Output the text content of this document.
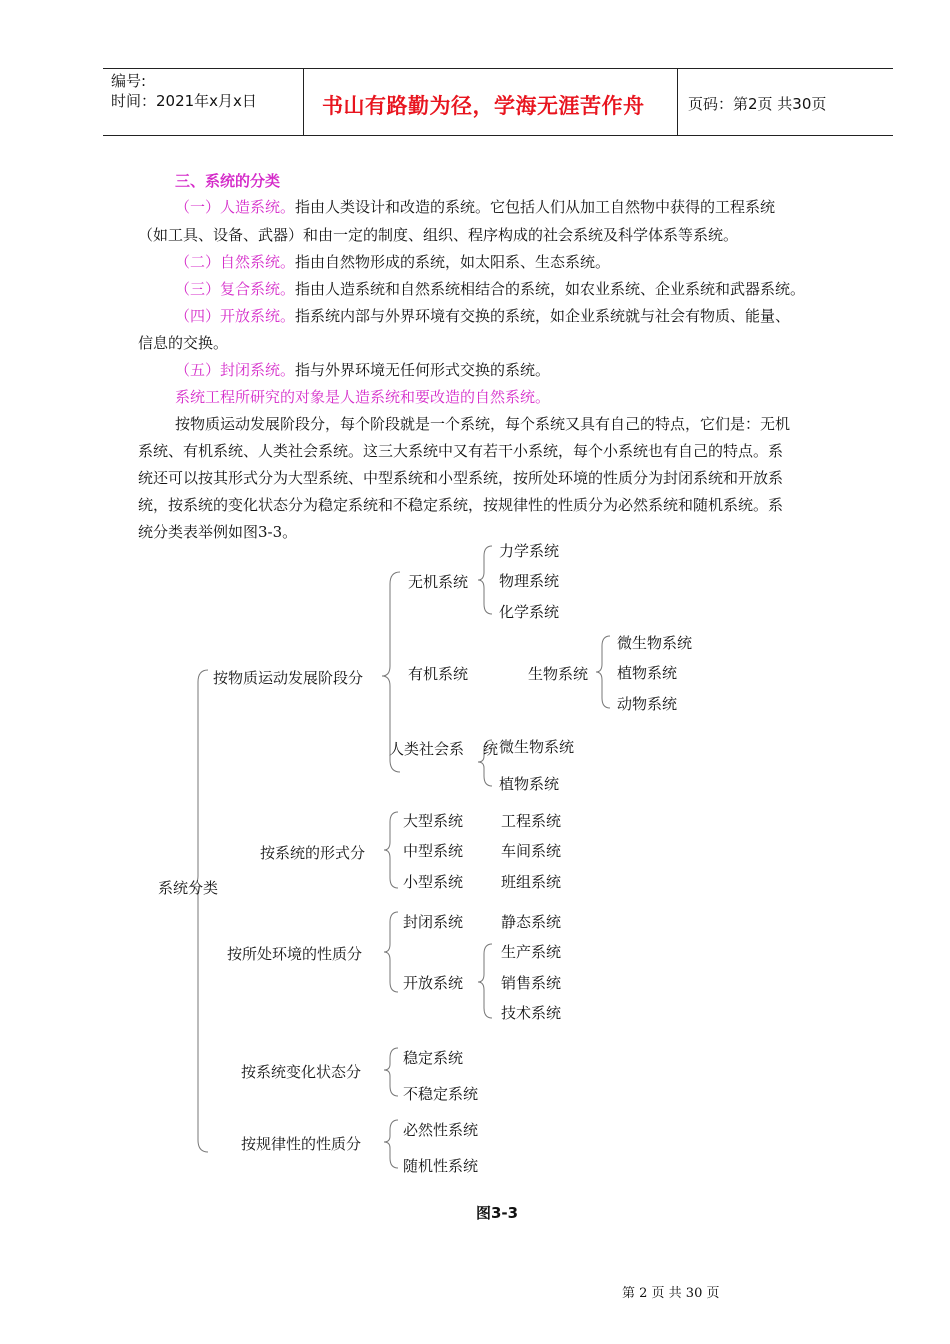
编号:
时间：2021年x月x日	书山有路勤为径，学海无涯苦作舟	页码：第2页 共30页
三、系统的分类
（一）人造系统。指由人类设计和改造的系统。它包括人们从加工自然物中获得的工程系统
（如工具、设备、武器）和由一定的制度、组织、程序构成的社会系统及科学体系等系统。
（二）自然系统。指由自然物形成的系统，如太阳系、生态系统。
（三）复合系统。指由人造系统和自然系统相结合的系统，如农业系统、企业系统和武器系统。
（四）开放系统。指系统内部与外界环境有交换的系统，如企业系统就与社会有物质、能量、
信息的交换。
（五）封闭系统。指与外界环境无任何形式交换的系统。
系统工程所研究的对象是人造系统和要改造的自然系统。
按物质运动发展阶段分，每个阶段就是一个系统，每个系统又具有自己的特点，它们是：无机
系统、有机系统、人类社会系统。这三大系统中又有若干小系统，每个小系统也有自己的特点。系
统还可以按其形式分为大型系统、中型系统和小型系统，按所处环境的性质分为封闭系统和开放系
统，按系统的变化状态分为稳定系统和不稳定系统，按规律性的性质分为必然系统和随机系统。系
统分类表举例如图3-3。
系统分类
按物质运动发展阶段分
无机系统
力学系统
物理系统
化学系统
有机系统	生物系统
微生物系统
植物系统
动物系统
人类社会系 统 微生物系统
植物系统
按系统的形式分
大型系统
中型系统
小型系统
工程系统
车间系统
班组系统
按所处环境的性质分
封闭系统	静态系统
开放系统
生产系统
销售系统
技术系统
按系统变化状态分
稳定系统
不稳定系统
按规律性的性质分
必然性系统
随机性系统
图3-3
第 2 页 共 30 页
